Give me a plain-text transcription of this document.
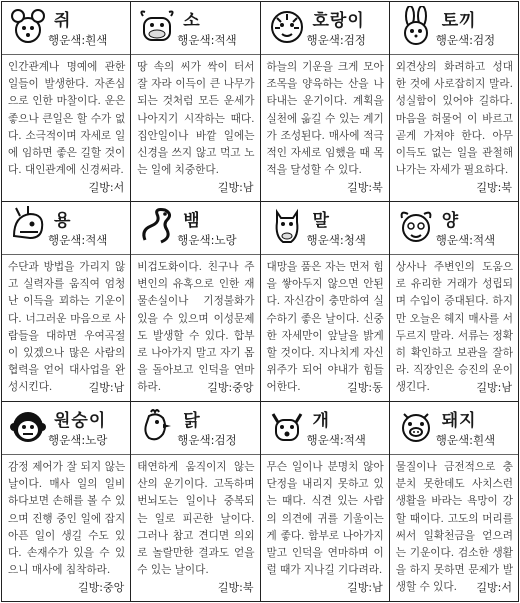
쥐
행운색:흰색
인간관계나 명예에 관한 일들이 발생한다. 자존심으로 인한 마찰이다. 운은 좋으나 큰일은 할 수가 없다. 소극적이며 자세로 일에 임하면 좋은 길할 것이다. 대인관계에 신경써라.
길방:서
소
행운색:적색
땅 속의 씨가 싹이 터서 잘 자라 이득이 큰 나무가 되는 것처럼 모든 운세가 나아지기 시작하는 때다. 집안일이나 바깥 일에는 신경을 쓰지 않고 먹고 노는 일에 치중한다.
길방:남
호랑이
행운색:검정
하늘의 기운을 크게 모아 조목을 양육하는 산을 나타내는 운기이다. 계획을 실천에 옮길 수 있는 계기가 조성된다. 매사에 적극적인 자세로 임했을 때 목적을 달성할 수 있다.
길방:북
토끼
행운색:검정
외견상의 화려하고 성대한 것에 사로잡히지 말라. 성실함이 있어야 길하다. 마음을 허물어 이 바르고 곧게 가져야 한다. 아무 이득도 없는 일을 관철해 나가는 자세가 필요하다.
길방:북
용
행운색:적색
수단과 방법을 가리지 않고 실력자를 움직여 엄청난 이득을 꾀하는 기운이다. 너그러운 마음으로 사람들을 대하면 우여곡절이 있겠으나 많은 사람의 협력을 얻어 대사업을 완성시킨다.	길방:남
뱀
행운색:노랑
비겁도화이다. 친구나 주변인의 유혹으로 인한 재물손실이나 기정불화가 있을 수 있으며 이성문제도 발생할 수 있다. 합부로 나아가지 말고 자기 몸을 돌아보고 인덕을 연마하라.	길방:중앙
말
행운색:청색
대망을 품은 자는 먼저 힘을 쌓아두지 않으면 안된다. 자신감이 충만하여 실수하기 좋은 날이다. 신중한 자세만이 앞날을 밝게 할 것이다. 지나치게 자신위주가 되어 야내가 힘들어한다.	길방:동
양
행운색:적색
상사나 주변인의 도움으로 유리한 거래가 성립되며 수입이 증대된다. 하지만 오늘은 헤지 매사를 서두르지 말라. 서류는 정확히 확인하고 보관을 잘하라. 직장인은 승진의 운이 생긴다.	길방:남
원숭이
행운색:노랑
감정 제어가 잘 되지 않는 날이다. 매사 일의 일비 하다보면 손해를 볼 수 있으며 진행 중인 일에 잡지 아픈 일이 생길 수도 있다. 손재수가 있을 수 있으니 매사에 침착하라.
길방:중앙
닭
행운색:검정
태연하게 움직이지 않는 산의 운기이다. 고독하며 번뇌도는 일이나 중복되는 일로 피곤한 날이다. 그러나 참고 견디면 의외로 놀랄만한 결과도 얻을 수 있는 날이다.
길방:북
개
행운색:적색
무슨 일이나 분명치 않아 단정을 내리지 못하고 있는 때다. 식견 있는 사람의 의견에 귀를 기울이는 게 좋다. 함부로 나아가지 말고 인덕을 연마하며 이럴 때가 지나길 기다려라.
길방:남
돼지
행운색:흰색
물질이나 금전적으로 충분치 못한데도 사치스런 생활을 바라는 욕망이 강할 때이다. 고도의 머리를 써서 일확천금을 얻으려는 기운이다. 검소한 생활을 하지 못하면 문제가 발생할 수 있다.	길방:서
